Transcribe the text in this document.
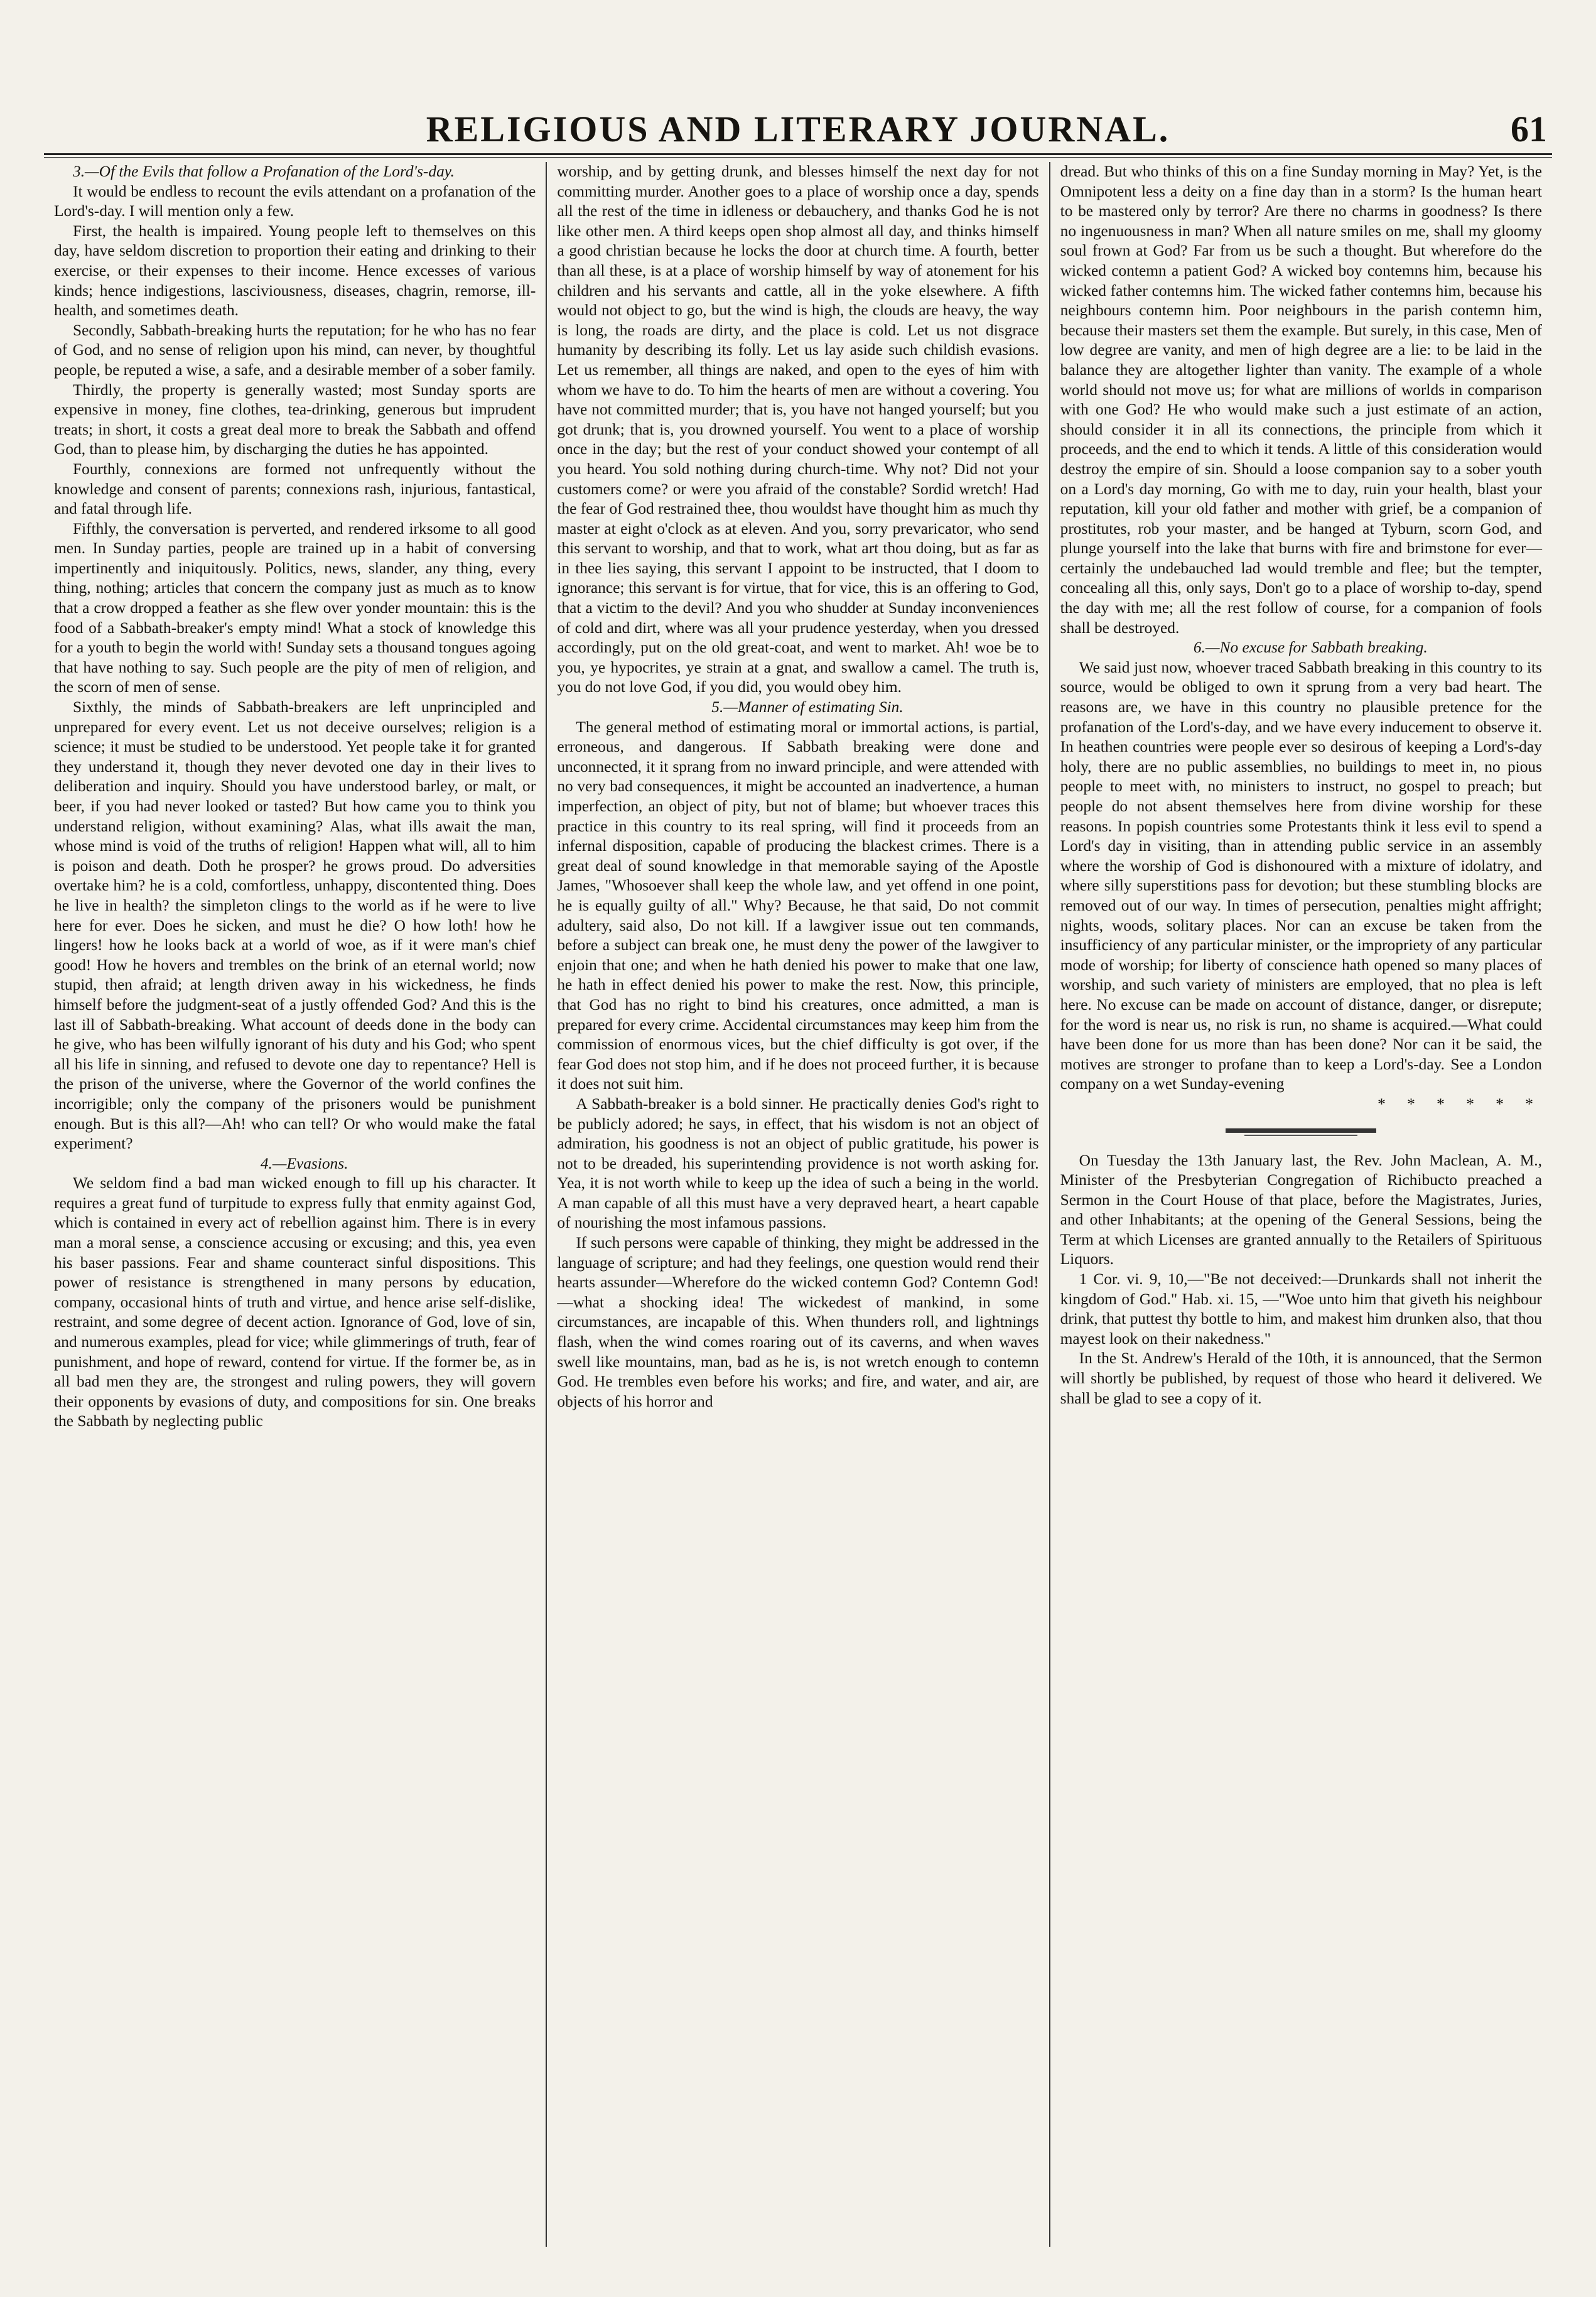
RELIGIOUS AND LITERARY JOURNAL.	61

3.—Of the Evils that follow a Profanation of the Lord's-day.

It would be endless to recount the evils attendant on a profanation of the Lord's-day. I will mention only a few.

First, the health is impaired. Young people left to themselves on this day, have seldom discretion to proportion their eating and drinking to their exercise, or their expenses to their income. Hence excesses of various kinds; hence indigestions, lasciviousness, diseases, chagrin, remorse, ill-health, and sometimes death.

Secondly, Sabbath-breaking hurts the reputation; for he who has no fear of God, and no sense of religion upon his mind, can never, by thoughtful people, be reputed a wise, a safe, and a desirable member of a sober family.

Thirdly, the property is generally wasted; most Sunday sports are expensive in money, fine clothes, tea-drinking, generous but imprudent treats; in short, it costs a great deal more to break the Sabbath and offend God, than to please him, by discharging the duties he has appointed.

Fourthly, connexions are formed not unfrequently without the knowledge and consent of parents; connexions rash, injurious, fantastical, and fatal through life.

Fifthly, the conversation is perverted, and rendered irksome to all good men. In Sunday parties, people are trained up in a habit of conversing impertinently and iniquitously. Politics, news, slander, any thing, every thing, nothing; articles that concern the company just as much as to know that a crow dropped a feather as she flew over yonder mountain: this is the food of a Sabbath-breaker's empty mind! What a stock of knowledge this for a youth to begin the world with! Sunday sets a thousand tongues agoing that have nothing to say. Such people are the pity of men of religion, and the scorn of men of sense.

Sixthly, the minds of Sabbath-breakers are left unprincipled and unprepared for every event. Let us not deceive ourselves; religion is a science; it must be studied to be understood. Yet people take it for granted they understand it, though they never devoted one day in their lives to deliberation and inquiry. Should you have understood barley, or malt, or beer, if you had never looked or tasted? But how came you to think you understand religion, without examining? Alas, what ills await the man, whose mind is void of the truths of religion! Happen what will, all to him is poison and death. Doth he prosper? he grows proud. Do adversities overtake him? he is a cold, comfortless, unhappy, discontented thing. Does he live in health? the simpleton clings to the world as if he were to live here for ever. Does he sicken, and must he die? O how loth! how he lingers! how he looks back at a world of woe, as if it were man's chief good! How he hovers and trembles on the brink of an eternal world; now stupid, then afraid; at length driven away in his wickedness, he finds himself before the judgment-seat of a justly offended God? And this is the last ill of Sabbath-breaking. What account of deeds done in the body can he give, who has been wilfully ignorant of his duty and his God; who spent all his life in sinning, and refused to devote one day to repentance? Hell is the prison of the universe, where the Governor of the world confines the incorrigible; only the company of the prisoners would be punishment enough. But is this all?—Ah! who can tell? Or who would make the fatal experiment?

4.—Evasions.

We seldom find a bad man wicked enough to fill up his character. It requires a great fund of turpitude to express fully that enmity against God, which is contained in every act of rebellion against him. There is in every man a moral sense, a conscience accusing or excusing; and this, yea even his baser passions. Fear and shame counteract sinful dispositions. This power of resistance is strengthened in many persons by education, company, occasional hints of truth and virtue, and hence arise self-dislike, restraint, and some degree of decent action. Ignorance of God, love of sin, and numerous examples, plead for vice; while glimmerings of truth, fear of punishment, and hope of reward, contend for virtue. If the former be, as in all bad men they are, the strongest and ruling powers, they will govern their opponents by evasions of duty, and compositions for sin. One breaks the Sabbath by neglecting public

worship, and by getting drunk, and blesses himself the next day for not committing murder. Another goes to a place of worship once a day, spends all the rest of the time in idleness or debauchery, and thanks God he is not like other men. A third keeps open shop almost all day, and thinks himself a good christian because he locks the door at church time. A fourth, better than all these, is at a place of worship himself by way of atonement for his children and his servants and cattle, all in the yoke elsewhere. A fifth would not object to go, but the wind is high, the clouds are heavy, the way is long, the roads are dirty, and the place is cold. Let us not disgrace humanity by describing its folly. Let us lay aside such childish evasions. Let us remember, all things are naked, and open to the eyes of him with whom we have to do. To him the hearts of men are without a covering. You have not committed murder; that is, you have not hanged yourself; but you got drunk; that is, you drowned yourself. You went to a place of worship once in the day; but the rest of your conduct showed your contempt of all you heard. You sold nothing during church-time. Why not? Did not your customers come? or were you afraid of the constable? Sordid wretch! Had the fear of God restrained thee, thou wouldst have thought him as much thy master at eight o'clock as at eleven. And you, sorry prevaricator, who send this servant to worship, and that to work, what art thou doing, but as far as in thee lies saying, this servant I appoint to be instructed, that I doom to ignorance; this servant is for virtue, that for vice, this is an offering to God, that a victim to the devil? And you who shudder at Sunday inconveniences of cold and dirt, where was all your prudence yesterday, when you dressed accordingly, put on the old great-coat, and went to market. Ah! woe be to you, ye hypocrites, ye strain at a gnat, and swallow a camel. The truth is, you do not love God, if you did, you would obey him.

5.—Manner of estimating Sin.

The general method of estimating moral or immortal actions, is partial, erroneous, and dangerous. If Sabbath breaking were done and unconnected, it it sprang from no inward principle, and were attended with no very bad consequences, it might be accounted an inadvertence, a human imperfection, an object of pity, but not of blame; but whoever traces this practice in this country to its real spring, will find it proceeds from an infernal disposition, capable of producing the blackest crimes. There is a great deal of sound knowledge in that memorable saying of the Apostle James, "Whosoever shall keep the whole law, and yet offend in one point, he is equally guilty of all." Why? Because, he that said, Do not commit adultery, said also, Do not kill. If a lawgiver issue out ten commands, before a subject can break one, he must deny the power of the lawgiver to enjoin that one; and when he hath denied his power to make that one law, he hath in effect denied his power to make the rest. Now, this principle, that God has no right to bind his creatures, once admitted, a man is prepared for every crime. Accidental circumstances may keep him from the commission of enormous vices, but the chief difficulty is got over, if the fear God does not stop him, and if he does not proceed further, it is because it does not suit him.

A Sabbath-breaker is a bold sinner. He practically denies God's right to be publicly adored; he says, in effect, that his wisdom is not an object of admiration, his goodness is not an object of public gratitude, his power is not to be dreaded, his superintending providence is not worth asking for. Yea, it is not worth while to keep up the idea of such a being in the world. A man capable of all this must have a very depraved heart, a heart capable of nourishing the most infamous passions.

If such persons were capable of thinking, they might be addressed in the language of scripture; and had they feelings, one question would rend their hearts assunder—Wherefore do the wicked contemn God? Contemn God!—what a shocking idea! The wickedest of mankind, in some circumstances, are incapable of this. When thunders roll, and lightnings flash, when the wind comes roaring out of its caverns, and when waves swell like mountains, man, bad as he is, is not wretch enough to contemn God. He trembles even before his works; and fire, and water, and air, are objects of his horror and

dread. But who thinks of this on a fine Sunday morning in May? Yet, is the Omnipotent less a deity on a fine day than in a storm? Is the human heart to be mastered only by terror? Are there no charms in goodness? Is there no ingenuousness in man? When all nature smiles on me, shall my gloomy soul frown at God? Far from us be such a thought. But wherefore do the wicked contemn a patient God? A wicked boy contemns him, because his wicked father contemns him. The wicked father contemns him, because his neighbours contemn him. Poor neighbours in the parish contemn him, because their masters set them the example. But surely, in this case, Men of low degree are vanity, and men of high degree are a lie: to be laid in the balance they are altogether lighter than vanity. The example of a whole world should not move us; for what are millions of worlds in comparison with one God? He who would make such a just estimate of an action, should consider it in all its connections, the principle from which it proceeds, and the end to which it tends. A little of this consideration would destroy the empire of sin. Should a loose companion say to a sober youth on a Lord's day morning, Go with me to day, ruin your health, blast your reputation, kill your old father and mother with grief, be a companion of prostitutes, rob your master, and be hanged at Tyburn, scorn God, and plunge yourself into the lake that burns with fire and brimstone for ever—certainly the undebauched lad would tremble and flee; but the tempter, concealing all this, only says, Don't go to a place of worship to-day, spend the day with me; all the rest follow of course, for a companion of fools shall be destroyed.

6.—No excuse for Sabbath breaking.

We said just now, whoever traced Sabbath breaking in this country to its source, would be obliged to own it sprung from a very bad heart. The reasons are, we have in this country no plausible pretence for the profanation of the Lord's-day, and we have every inducement to observe it. In heathen countries were people ever so desirous of keeping a Lord's-day holy, there are no public assemblies, no buildings to meet in, no pious people to meet with, no ministers to instruct, no gospel to preach; but people do not absent themselves here from divine worship for these reasons. In popish countries some Protestants think it less evil to spend a Lord's day in visiting, than in attending public service in an assembly where the worship of God is dishonoured with a mixture of idolatry, and where silly superstitions pass for devotion; but these stumbling blocks are removed out of our way. In times of persecution, penalties might affright; nights, woods, solitary places. Nor can an excuse be taken from the insufficiency of any particular minister, or the impropriety of any particular mode of worship; for liberty of conscience hath opened so many places of worship, and such variety of ministers are employed, that no plea is left here. No excuse can be made on account of distance, danger, or disrepute; for the word is near us, no risk is run, no shame is acquired.—What could have been done for us more than has been done? Nor can it be said, the motives are stronger to profane than to keep a Lord's-day. See a London company on a wet Sunday-evening

* * * * * *

On Tuesday the 13th January last, the Rev. John Maclean, A. M., Minister of the Presbyterian Congregation of Richibucto preached a Sermon in the Court House of that place, before the Magistrates, Juries, and other Inhabitants; at the opening of the General Sessions, being the Term at which Licenses are granted annually to the Retailers of Spirituous Liquors.

1 Cor. vi. 9, 10,—"Be not deceived:—Drunkards shall not inherit the kingdom of God." Hab. xi. 15, —"Woe unto him that giveth his neighbour drink, that puttest thy bottle to him, and makest him drunken also, that thou mayest look on their nakedness."

In the St. Andrew's Herald of the 10th, it is announced, that the Sermon will shortly be published, by request of those who heard it delivered. We shall be glad to see a copy of it.
